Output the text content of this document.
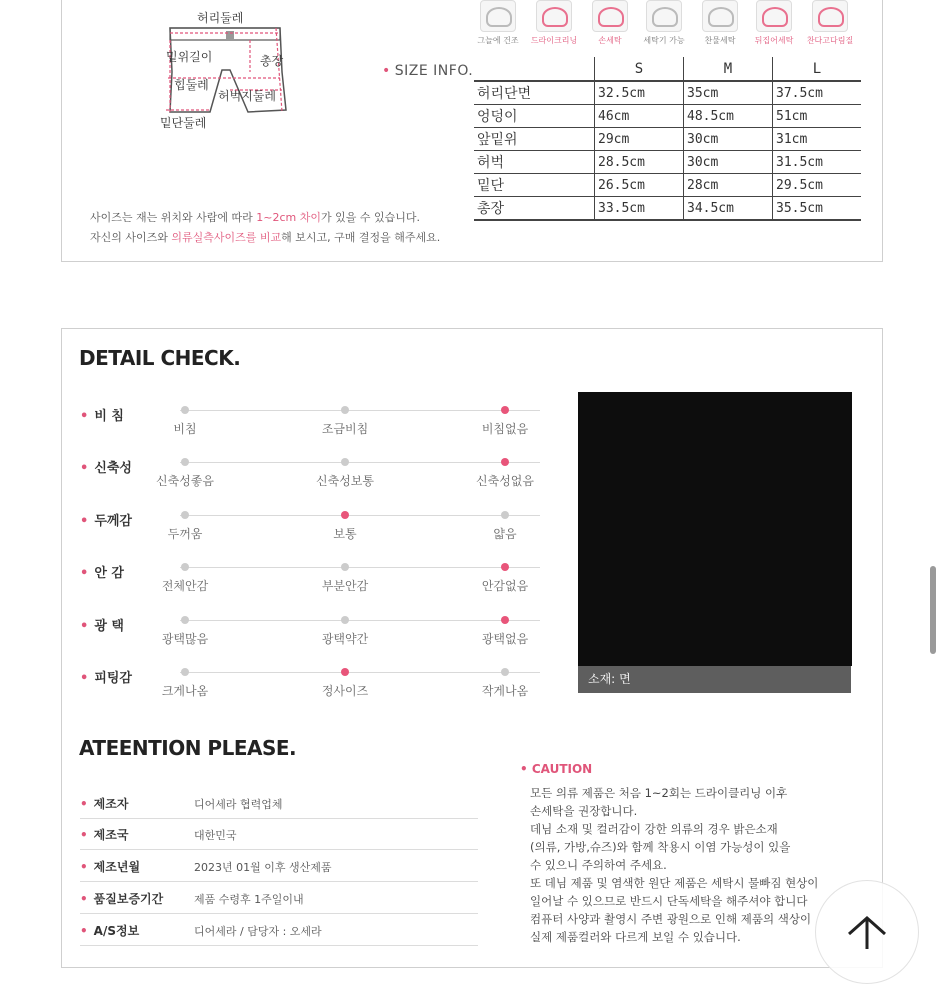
허리둘레
밑위길이	총장
힙둘레
허벅지둘레
밑단둘레
그늘에 건조	드라이크리닝	손세탁	세탁기 가능	찬물세탁	뒤집어세탁	찬다고다림질
• SIZE INFO.
		S	M	L
허리단면	32.5cm	35cm	37.5cm
엉덩이	46cm	48.5cm	51cm
앞밑위	29cm	30cm	31cm
허벅	28.5cm	30cm	31.5cm
밑단	26.5cm	28cm	29.5cm
총장	33.5cm	34.5cm	35.5cm
사이즈는 재는 위치와 사람에 따라 1~2cm 차이가 있을 수 있습니다.
자신의 사이즈와 의류실측사이즈를 비교해 보시고, 구매 결정을 해주세요.
DETAIL CHECK.
• 비 침
비침	조금비침	비침없음
• 신축성
신축성좋음	신축성보통	신축성없음
• 두께감
두꺼움	보통	얇음
• 안 감
전체안감	부분안감	안감없음
• 광 택
광택많음	광택약간	광택없음
• 피팅감
크게나옴	정사이즈	작게나옴
소재: 면
ATEENTION PLEASE.
• 제조자	디어세라 협력업체
• 제조국	대한민국
• 제조년월	2023년 01월 이후 생산제품
• 품질보증기간	제품 수령후 1주일이내
• A/S정보	디어세라 / 담당자 : 오세라
• CAUTION
모든 의류 제품은 처음 1~2회는 드라이클리닝 이후
손세탁을 권장합니다.
데님 소재 및 컬러감이 강한 의류의 경우 밝은소재
(의류, 가방,슈즈)와 함께 착용시 이염 가능성이 있을
수 있으니 주의하여 주세요.
또 데님 제품 및 염색한 원단 제품은 세탁시 물빠짐 현상이
일어날 수 있으므로 반드시 단독세탁을 해주셔야 합니다
컴퓨터 사양과 촬영시 주변 광원으로 인해 제품의 색상이
실제 제품컬러와 다르게 보일 수 있습니다.
